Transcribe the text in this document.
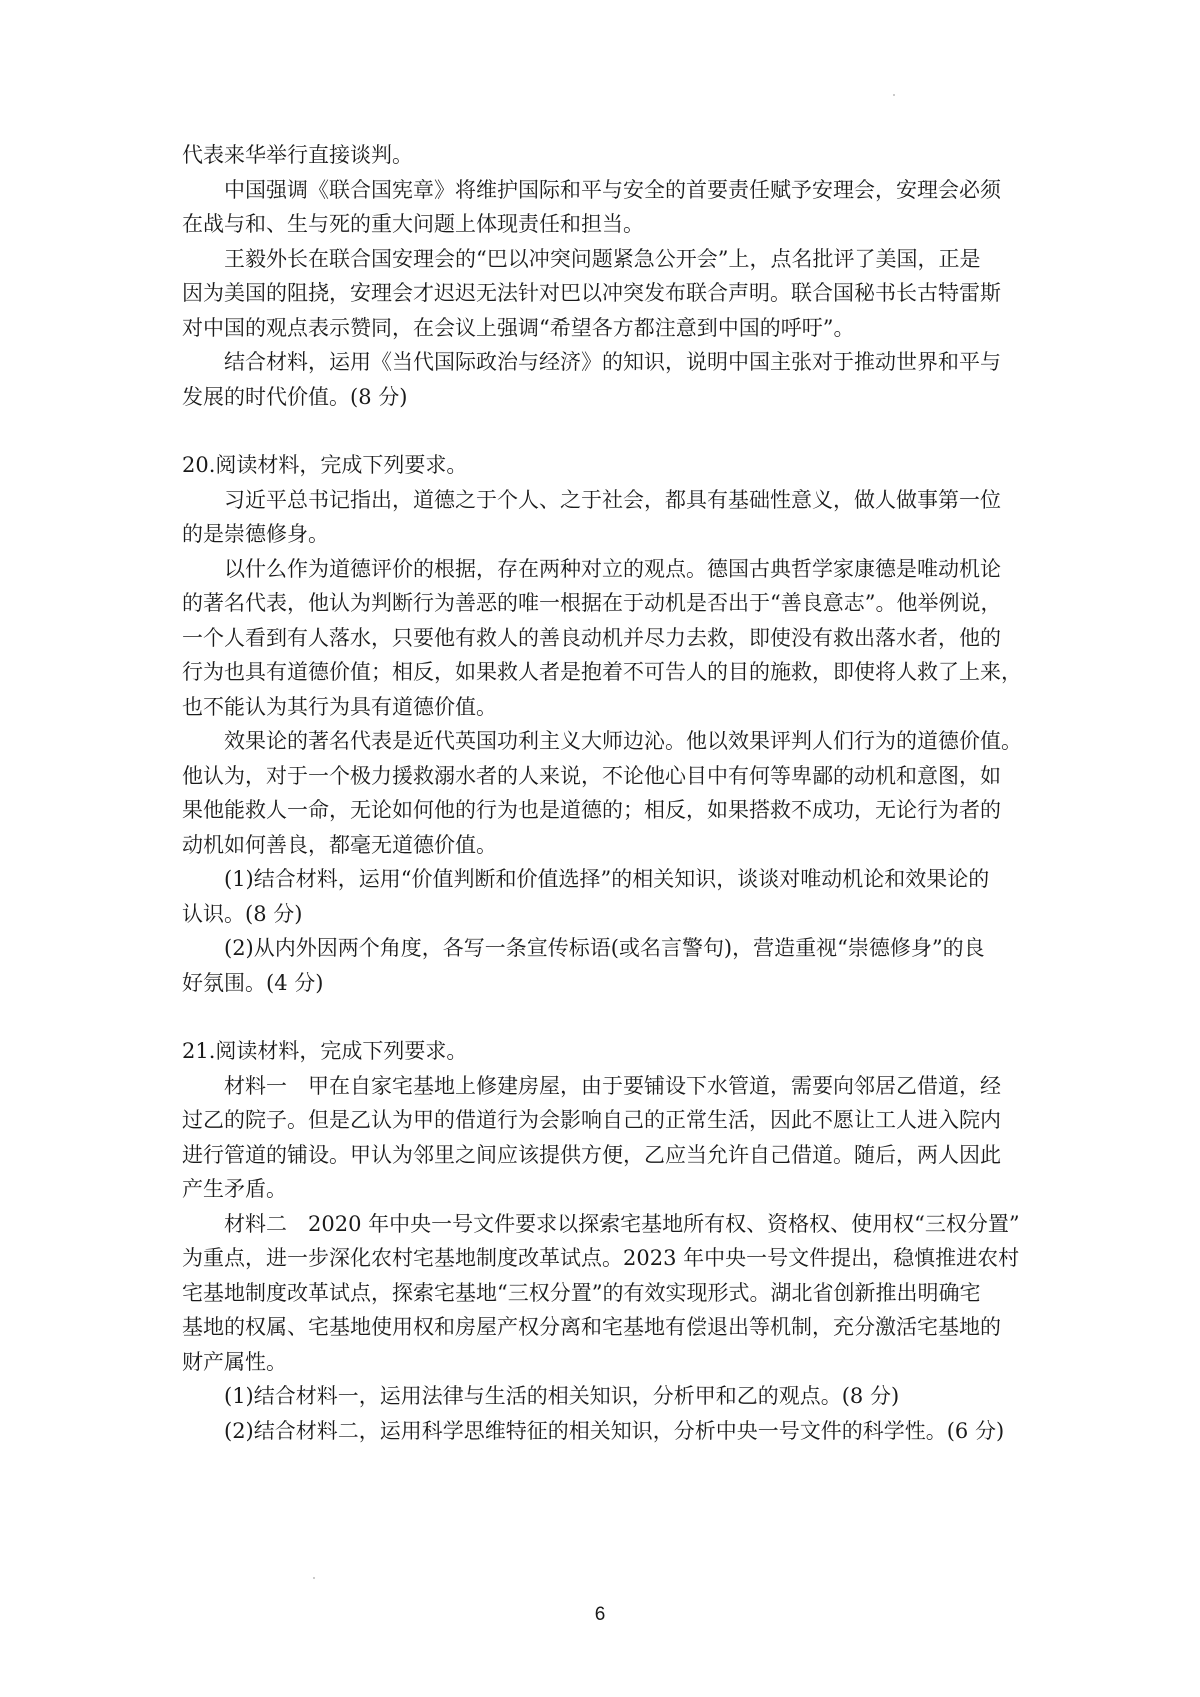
代表来华举行直接谈判。
中国强调《联合国宪章》将维护国际和平与安全的首要责任赋予安理会，安理会必须
在战与和、生与死的重大问题上体现责任和担当。
王毅外长在联合国安理会的“巴以冲突问题紧急公开会”上，点名批评了美国，正是
因为美国的阻挠，安理会才迟迟无法针对巴以冲突发布联合声明。联合国秘书长古特雷斯
对中国的观点表示赞同，在会议上强调“希望各方都注意到中国的呼吁”。
结合材料，运用《当代国际政治与经济》的知识，说明中国主张对于推动世界和平与
发展的时代价值。(8 分)
20.阅读材料，完成下列要求。
习近平总书记指出，道德之于个人、之于社会，都具有基础性意义，做人做事第一位
的是崇德修身。
以什么作为道德评价的根据，存在两种对立的观点。德国古典哲学家康德是唯动机论
的著名代表，他认为判断行为善恶的唯一根据在于动机是否出于“善良意志”。他举例说，
一个人看到有人落水，只要他有救人的善良动机并尽力去救，即使没有救出落水者，他的
行为也具有道德价值；相反，如果救人者是抱着不可告人的目的施救，即使将人救了上来，
也不能认为其行为具有道德价值。
效果论的著名代表是近代英国功利主义大师边沁。他以效果评判人们行为的道德价值。
他认为，对于一个极力援救溺水者的人来说，不论他心目中有何等卑鄙的动机和意图，如
果他能救人一命，无论如何他的行为也是道德的；相反，如果搭救不成功，无论行为者的
动机如何善良，都毫无道德价值。
(1)结合材料，运用“价值判断和价值选择”的相关知识，谈谈对唯动机论和效果论的
认识。(8 分)
(2)从内外因两个角度，各写一条宣传标语(或名言警句)，营造重视“崇德修身”的良
好氛围。(4 分)
21.阅读材料，完成下列要求。
材料一　甲在自家宅基地上修建房屋，由于要铺设下水管道，需要向邻居乙借道，经
过乙的院子。但是乙认为甲的借道行为会影响自己的正常生活，因此不愿让工人进入院内
进行管道的铺设。甲认为邻里之间应该提供方便，乙应当允许自己借道。随后，两人因此
产生矛盾。
材料二　2020 年中央一号文件要求以探索宅基地所有权、资格权、使用权“三权分置”
为重点，进一步深化农村宅基地制度改革试点。2023 年中央一号文件提出，稳慎推进农村
宅基地制度改革试点，探索宅基地“三权分置”的有效实现形式。湖北省创新推出明确宅
基地的权属、宅基地使用权和房屋产权分离和宅基地有偿退出等机制，充分激活宅基地的
财产属性。
(1)结合材料一，运用法律与生活的相关知识，分析甲和乙的观点。(8 分)
(2)结合材料二，运用科学思维特征的相关知识，分析中央一号文件的科学性。(6 分)
6
